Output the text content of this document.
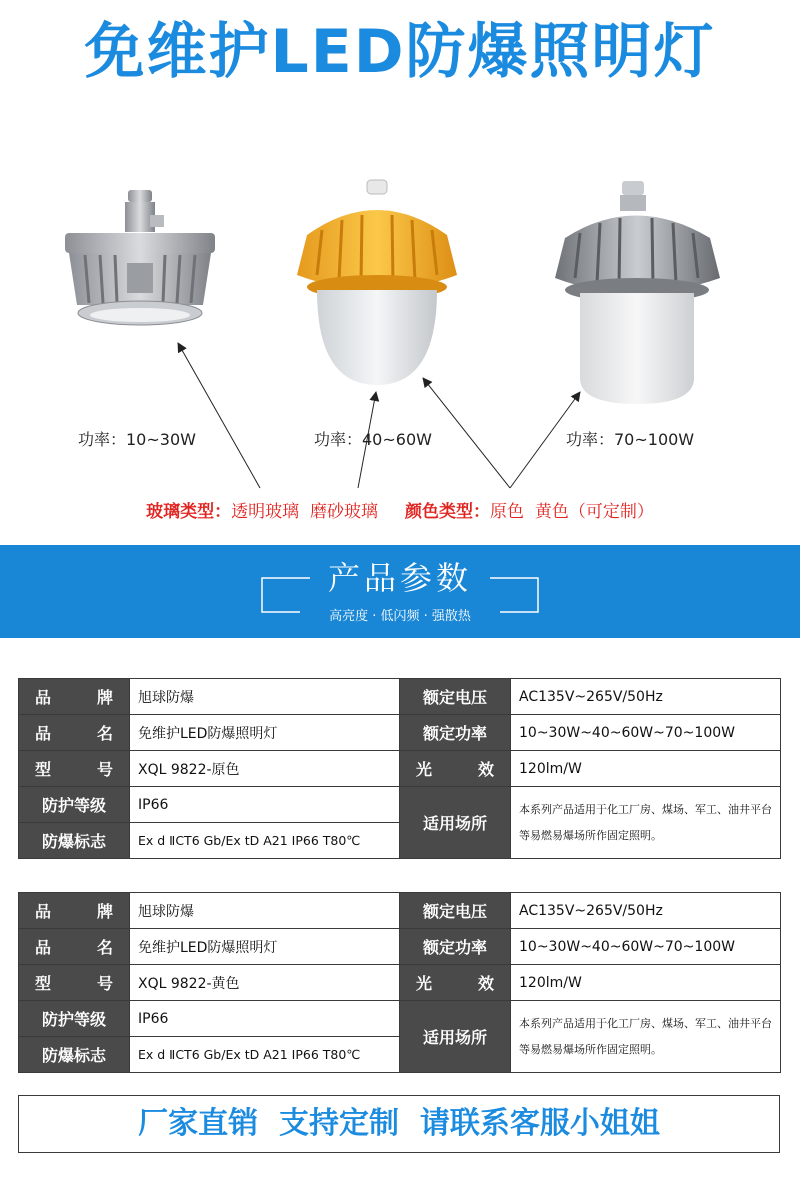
免维护LED防爆照明灯
功率：10~30W	功率：40~60W	功率：70~100W
玻璃类型：透明玻璃  磨砂玻璃 颜色类型：原色  黄色（可定制）
产品参数
高亮度 · 低闪频 · 强散热
品牌	旭球防爆	额定电压	AC135V~265V/50Hz
品名	免维护LED防爆照明灯	额定功率	10~30W~40~60W~70~100W
型号	XQL 9822-原色	光效	120lm/W
防护等级	IP66	适用场所	本系列产品适用于化工厂房、煤场、军工、油井平台等易燃易爆场所作固定照明。
防爆标志	Ex d ⅡCT6 Gb/Ex tD A21 IP66 T80℃		
品牌	旭球防爆	额定电压	AC135V~265V/50Hz
品名	免维护LED防爆照明灯	额定功率	10~30W~40~60W~70~100W
型号	XQL 9822-黄色	光效	120lm/W
防护等级	IP66	适用场所	本系列产品适用于化工厂房、煤场、军工、油井平台等易燃易爆场所作固定照明。
防爆标志	Ex d ⅡCT6 Gb/Ex tD A21 IP66 T80℃		
厂家直销  支持定制  请联系客服小姐姐
